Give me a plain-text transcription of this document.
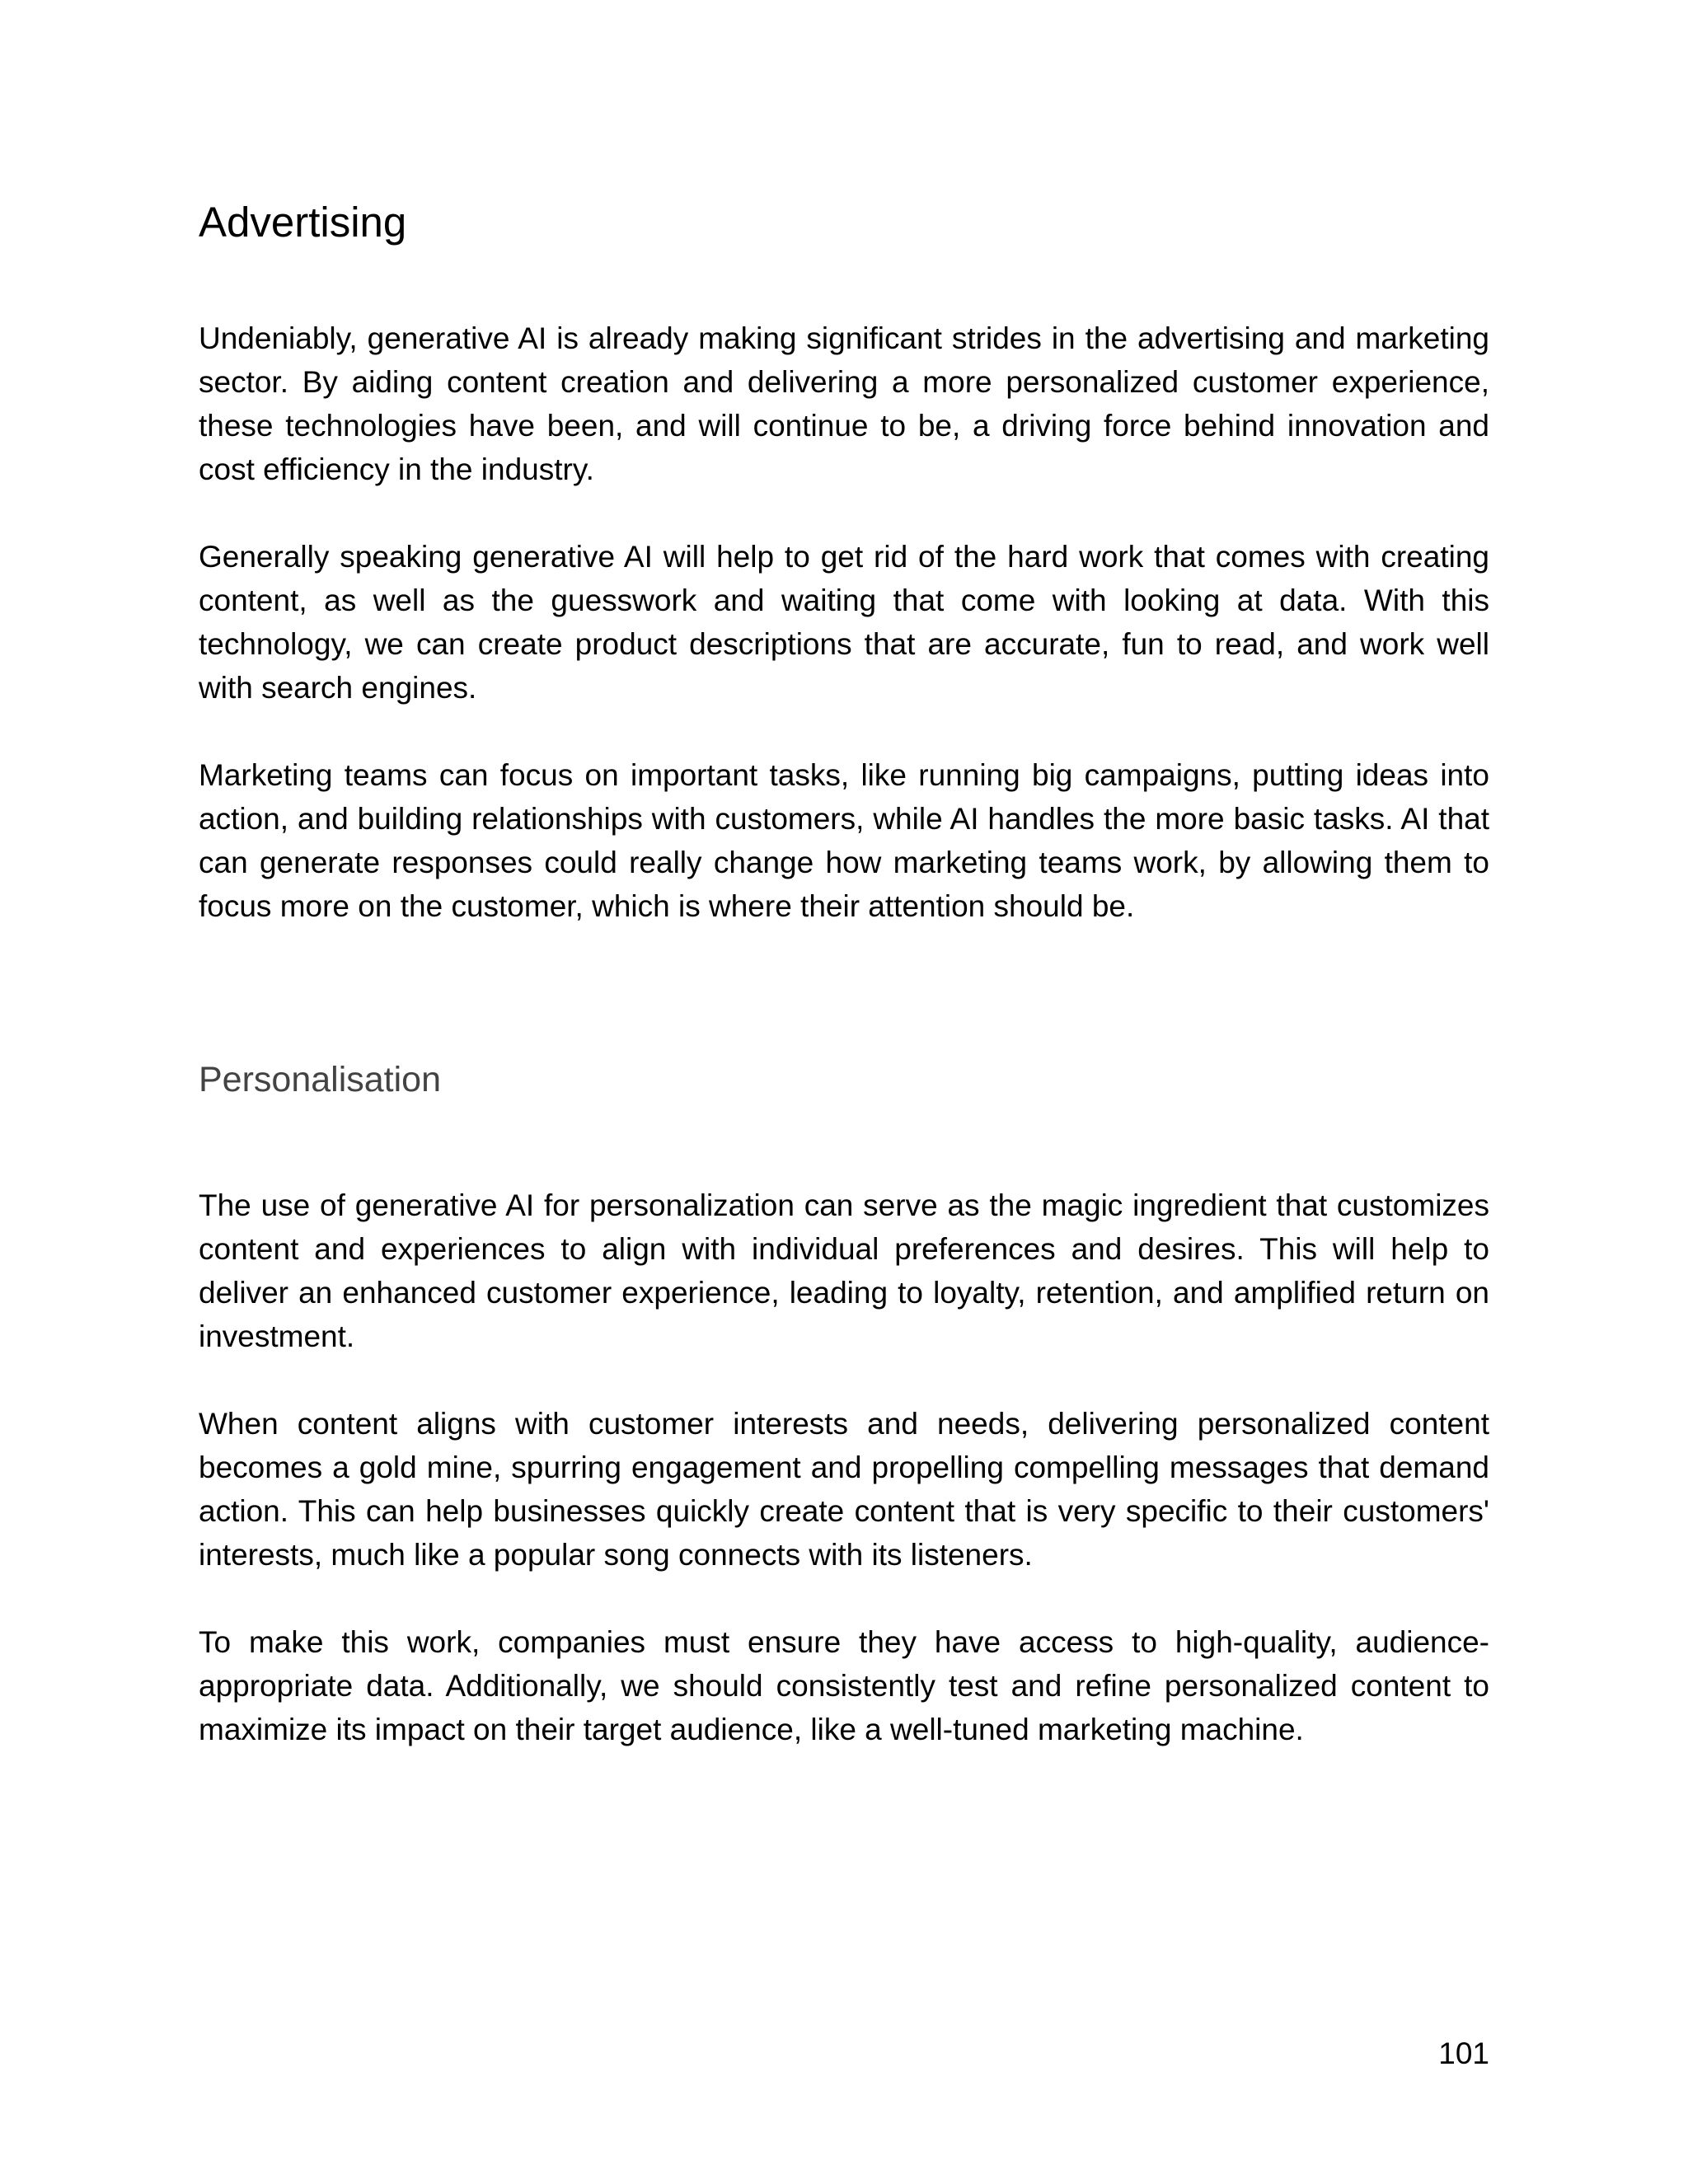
Advertising

Undeniably, generative AI is already making significant strides in the advertising and marketing sector. By aiding content creation and delivering a more personalized customer experience, these technologies have been, and will continue to be, a driving force behind innovation and cost efficiency in the industry.

Generally speaking generative AI will help to get rid of the hard work that comes with creating content, as well as the guesswork and waiting that come with looking at data. With this technology, we can create product descriptions that are accurate, fun to read, and work well with search engines.

Marketing teams can focus on important tasks, like running big campaigns, putting ideas into action, and building relationships with customers, while AI handles the more basic tasks. AI that can generate responses could really change how marketing teams work, by allowing them to focus more on the customer, which is where their attention should be.

Personalisation

The use of generative AI for personalization can serve as the magic ingredient that customizes content and experiences to align with individual preferences and desires. This will help to deliver an enhanced customer experience, leading to loyalty, retention, and amplified return on investment.

When content aligns with customer interests and needs, delivering personalized content becomes a gold mine, spurring engagement and propelling compelling messages that demand action. This can help businesses quickly create content that is very specific to their customers' interests, much like a popular song connects with its listeners.

To make this work, companies must ensure they have access to high-quality, audience-appropriate data. Additionally, we should consistently test and refine personalized content to maximize its impact on their target audience, like a well-tuned marketing machine.

101
